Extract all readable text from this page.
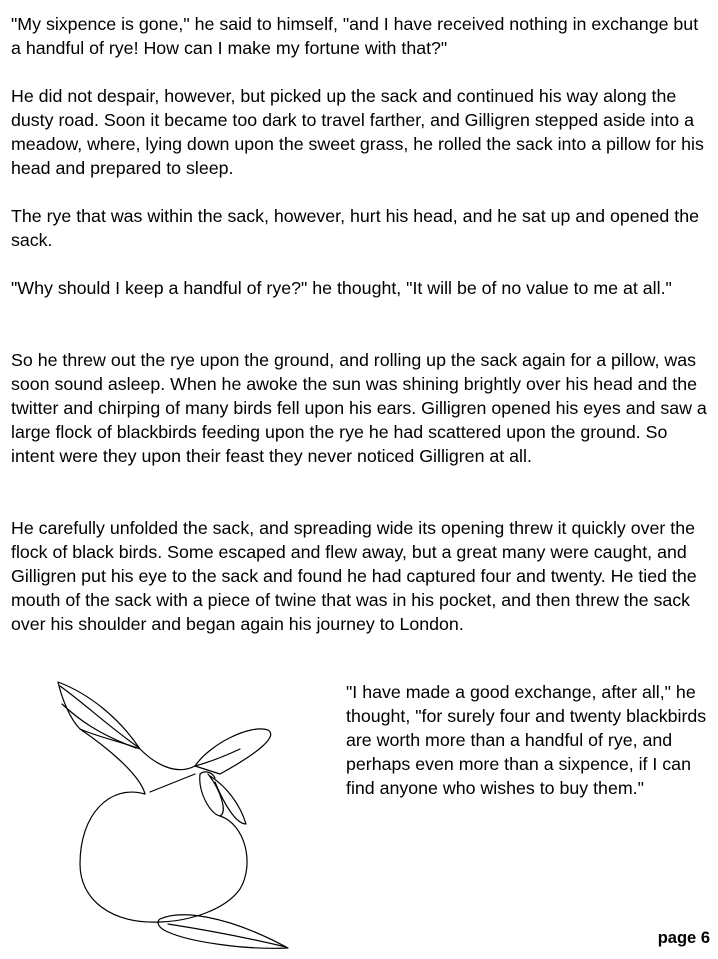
"My sixpence is gone," he said to himself, "and I have received nothing in exchange but a handful of rye! How can I make my fortune with that?"

He did not despair, however, but picked up the sack and continued his way along the dusty road. Soon it became too dark to travel farther, and Gilligren stepped aside into a meadow, where, lying down upon the sweet grass, he rolled the sack into a pillow for his head and prepared to sleep.

The rye that was within the sack, however, hurt his head, and he sat up and opened the sack.

"Why should I keep a handful of rye?" he thought, "It will be of no value to me at all."

So he threw out the rye upon the ground, and rolling up the sack again for a pillow, was soon sound asleep. When he awoke the sun was shining brightly over his head and the twitter and chirping of many birds fell upon his ears. Gilligren opened his eyes and saw a large flock of blackbirds feeding upon the rye he had scattered upon the ground. So intent were they upon their feast they never noticed Gilligren at all.

He carefully unfolded the sack, and spreading wide its opening threw it quickly over the flock of black birds. Some escaped and flew away, but a great many were caught, and Gilligren put his eye to the sack and found he had captured four and twenty. He tied the mouth of the sack with a piece of twine that was in his pocket, and then threw the sack over his shoulder and began again his journey to London.

"I have made a good exchange, after all," he thought, "for surely four and twenty blackbirds are worth more than a handful of rye, and perhaps even more than a sixpence, if I can find anyone who wishes to buy them."

page 6
